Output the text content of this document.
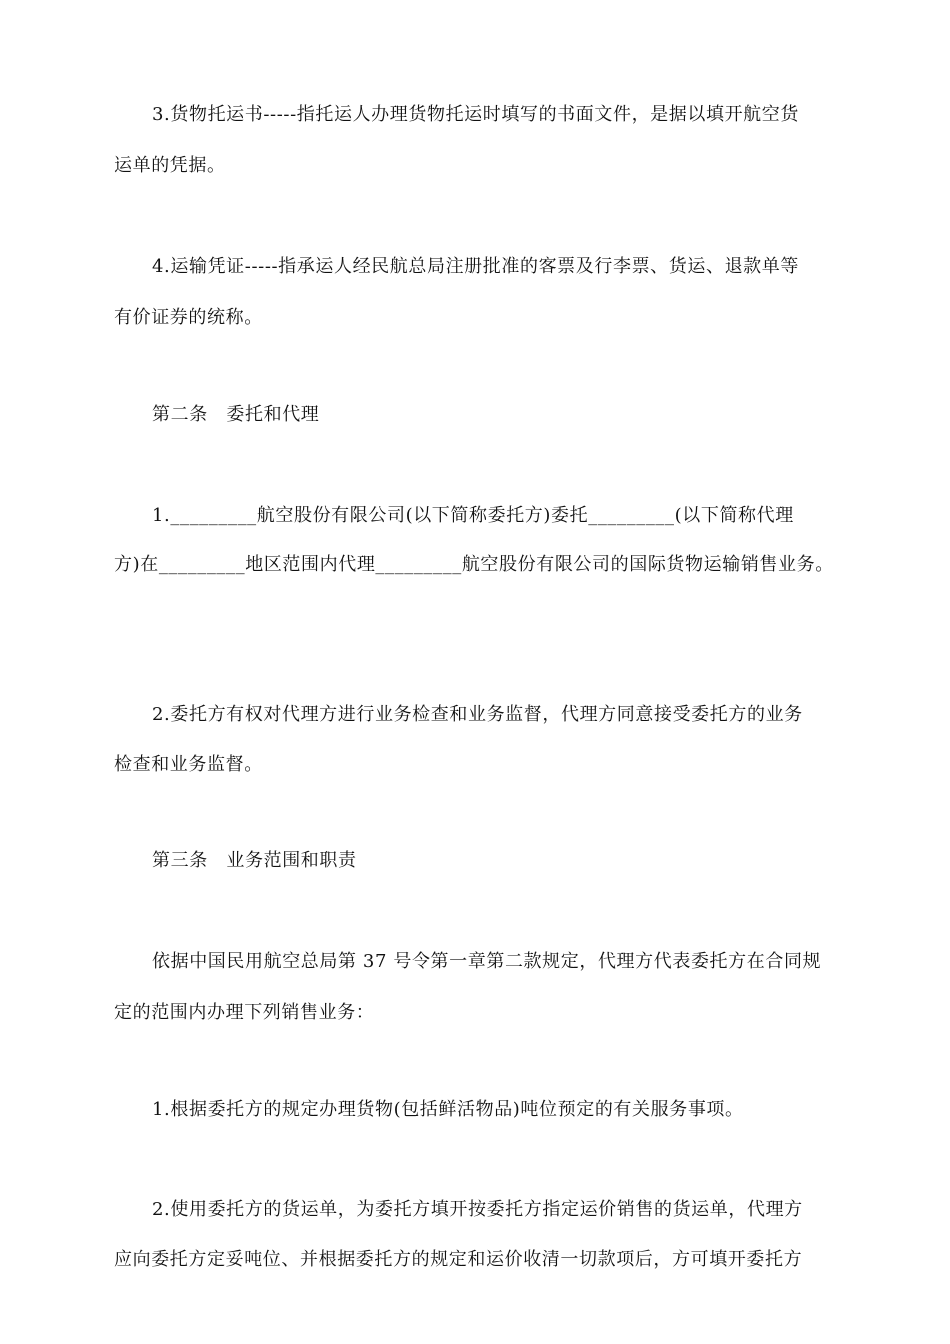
3.货物托运书-----指托运人办理货物托运时填写的书面文件，是据以填开航空货
运单的凭据。
4.运输凭证-----指承运人经民航总局注册批准的客票及行李票、货运、退款单等
有价证券的统称。
第二条　委托和代理
1._________航空股份有限公司(以下简称委托方)委托_________(以下简称代理
方)在_________地区范围内代理_________航空股份有限公司的国际货物运输销售业务。
2.委托方有权对代理方进行业务检查和业务监督，代理方同意接受委托方的业务
检查和业务监督。
第三条　业务范围和职责
依据中国民用航空总局第 37 号令第一章第二款规定，代理方代表委托方在合同规
定的范围内办理下列销售业务：
1.根据委托方的规定办理货物(包括鲜活物品)吨位预定的有关服务事项。
2.使用委托方的货运单，为委托方填开按委托方指定运价销售的货运单，代理方
应向委托方定妥吨位、并根据委托方的规定和运价收清一切款项后，方可填开委托方
